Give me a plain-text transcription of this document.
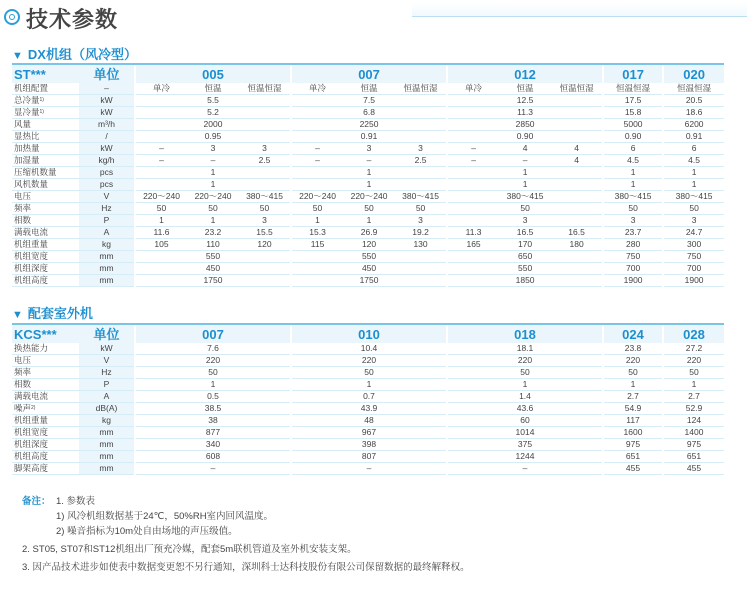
技术参数
▼ DX机组（风冷型）
ST***	单位	005			007			012			017	020
机组配置	–	单冷	恒温	恒温恒湿	单冷	恒温	恒温恒湿	单冷	恒温	恒温恒湿	恒温恒湿	恒温恒湿
总冷量$^{1)}$	kW	5.5			7.5			12.5			17.5	20.5
显冷量$^{1)}$	kW	5.2			6.8			11.3			15.8	18.6
风量	m³/h	2000			2250			2850			5000	6200
显热比	/	0.95			0.91			0.90			0.90	0.91
加热量	kW	–	3	3	–	3	3	–	4	4	6	6
加湿量	kg/h	–	–	2.5	–	–	2.5	–	–	4	4.5	4.5
压缩机数量	pcs	1			1			1			1	1
风机数量	pcs	1			1			1			1	1
电压	V	220～240	220～240	380～415	220～240	220～240	380～415	380～415			380～415	380～415
频率	Hz	50	50	50	50	50	50	50			50	50
相数	P	1	1	3	1	1	3	3			3	3
满载电流	A	11.6	23.2	15.5	15.3	26.9	19.2	11.3	16.5	16.5	23.7	24.7
机组重量	kg	105	110	120	115	120	130	165	170	180	280	300
机组宽度	mm	550			550			650			750	750
机组深度	mm	450			450			550			700	700
机组高度	mm	1750			1750			1850			1900	1900
▼ 配套室外机
KCS***	单位	007	010	018	024	028
换热能力	kW	7.6	10.4	18.1	23.8	27.2
电压	V	220	220	220	220	220
频率	Hz	50	50	50	50	50
相数	P	1	1	1	1	1
满载电流	A	0.5	0.7	1.4	2.7	2.7
噪声$^{2)}$	dB(A)	38.5	43.9	43.6	54.9	52.9
机组重量	kg	38	48	60	117	124
机组宽度	mm	877	967	1014	1600	1400
机组深度	mm	340	398	375	975	975
机组高度	mm	608	807	1244	651	651
脚架高度	mm	–	–	–	455	455
备注： 1. 参数表
1) 风冷机组数据基于24℃，50%RH室内回风温度。
2) 噪音指标为10m处自由场地的声压级值。
2. ST05, ST07和ST12机组出厂预充冷媒，配套5m联机管道及室外机安装支架。
3. 因产品技术进步如使表中数据变更恕不另行通知，深圳科士达科技股份有限公司保留数据的最终解释权。
